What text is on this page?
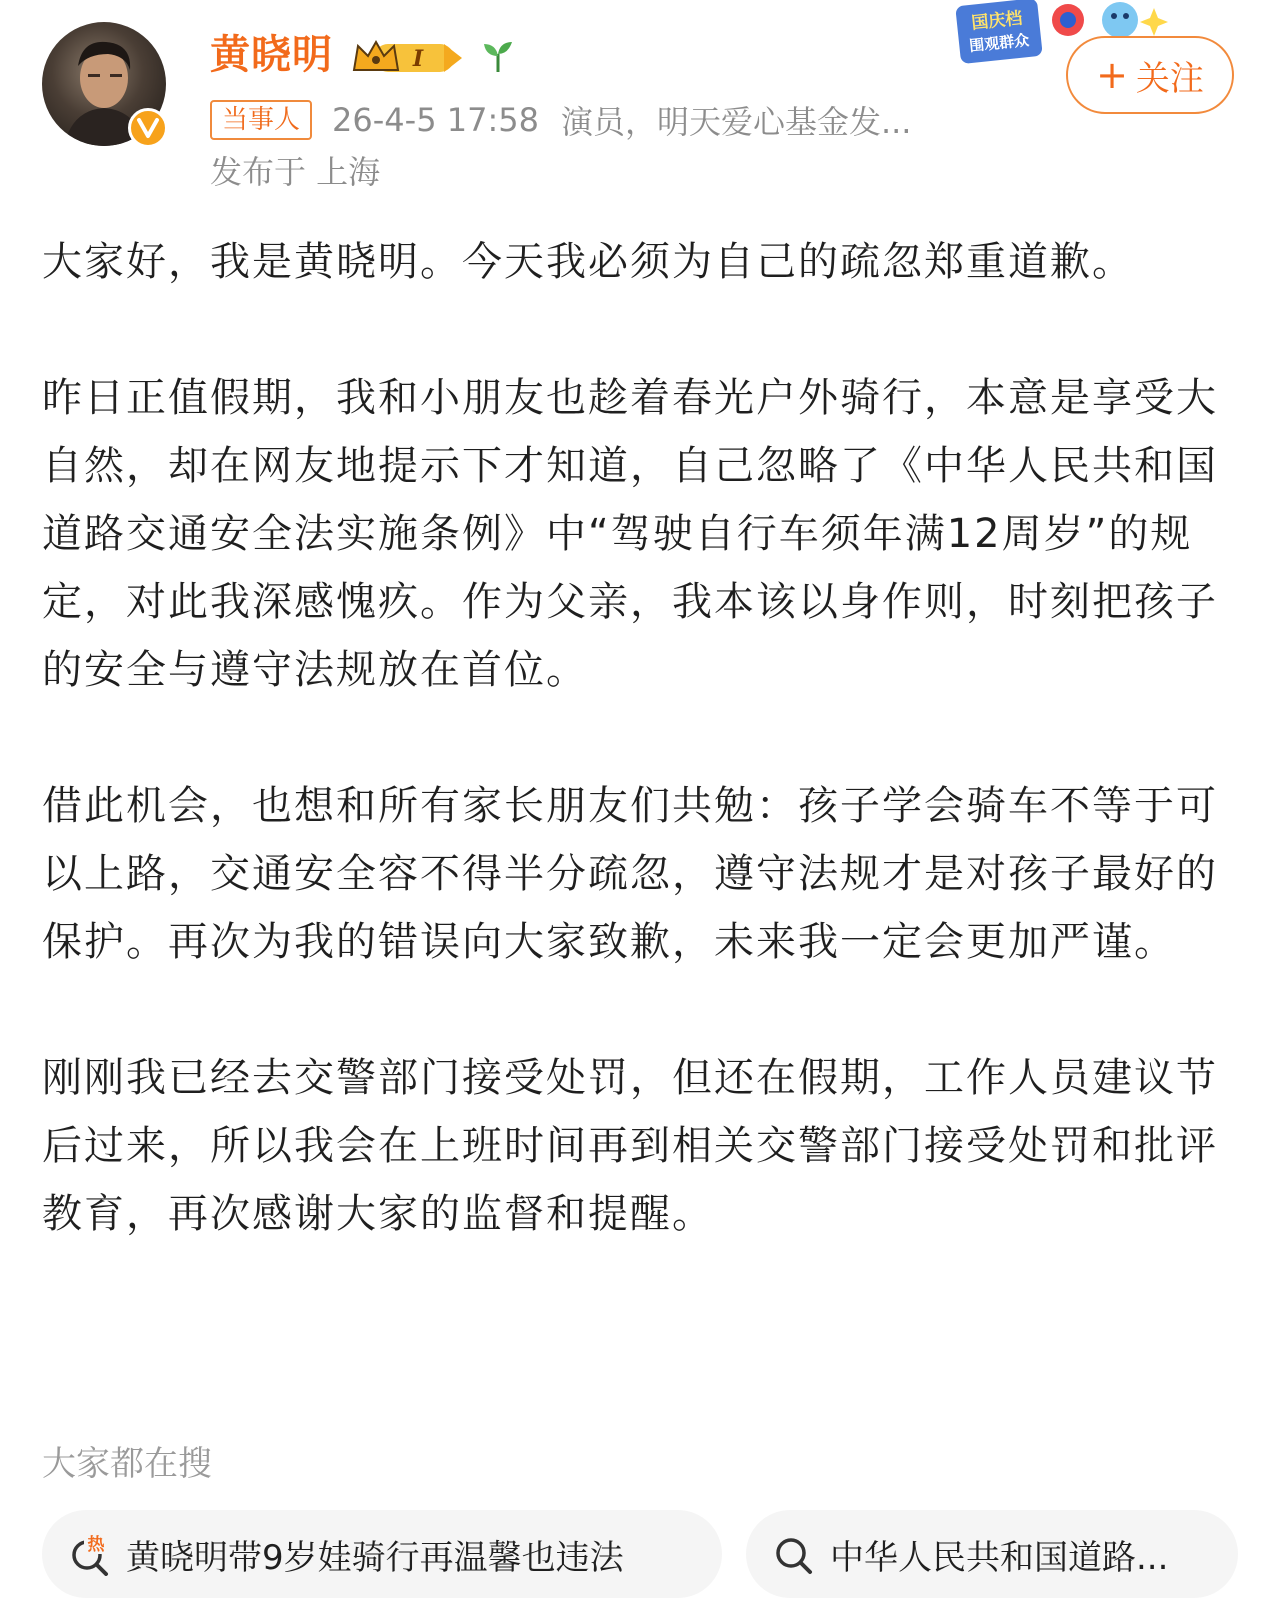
黄晓明	I
国庆档
围观群众
+ 关注
当事人	26-4-5 17:58 演员，明天爱心基金发...
发布于 上海

大家好，我是黄晓明。今天我必须为自己的疏忽郑重道歉。

昨日正值假期，我和小朋友也趁着春光户外骑行，本意是享受大自然，却在网友地提示下才知道，自己忽略了《中华人民共和国道路交通安全法实施条例》中“驾驶自行车须年满12周岁”的规定，对此我深感愧疚。作为父亲，我本该以身作则，时刻把孩子的安全与遵守法规放在首位。

借此机会，也想和所有家长朋友们共勉：孩子学会骑车不等于可以上路，交通安全容不得半分疏忽，遵守法规才是对孩子最好的保护。再次为我的错误向大家致歉，未来我一定会更加严谨。

刚刚我已经去交警部门接受处罚，但还在假期，工作人员建议节后过来，所以我会在上班时间再到相关交警部门接受处罚和批评教育，再次感谢大家的监督和提醒。

大家都在搜
热 黄晓明带9岁娃骑行再温馨也违法	中华人民共和国道路...
